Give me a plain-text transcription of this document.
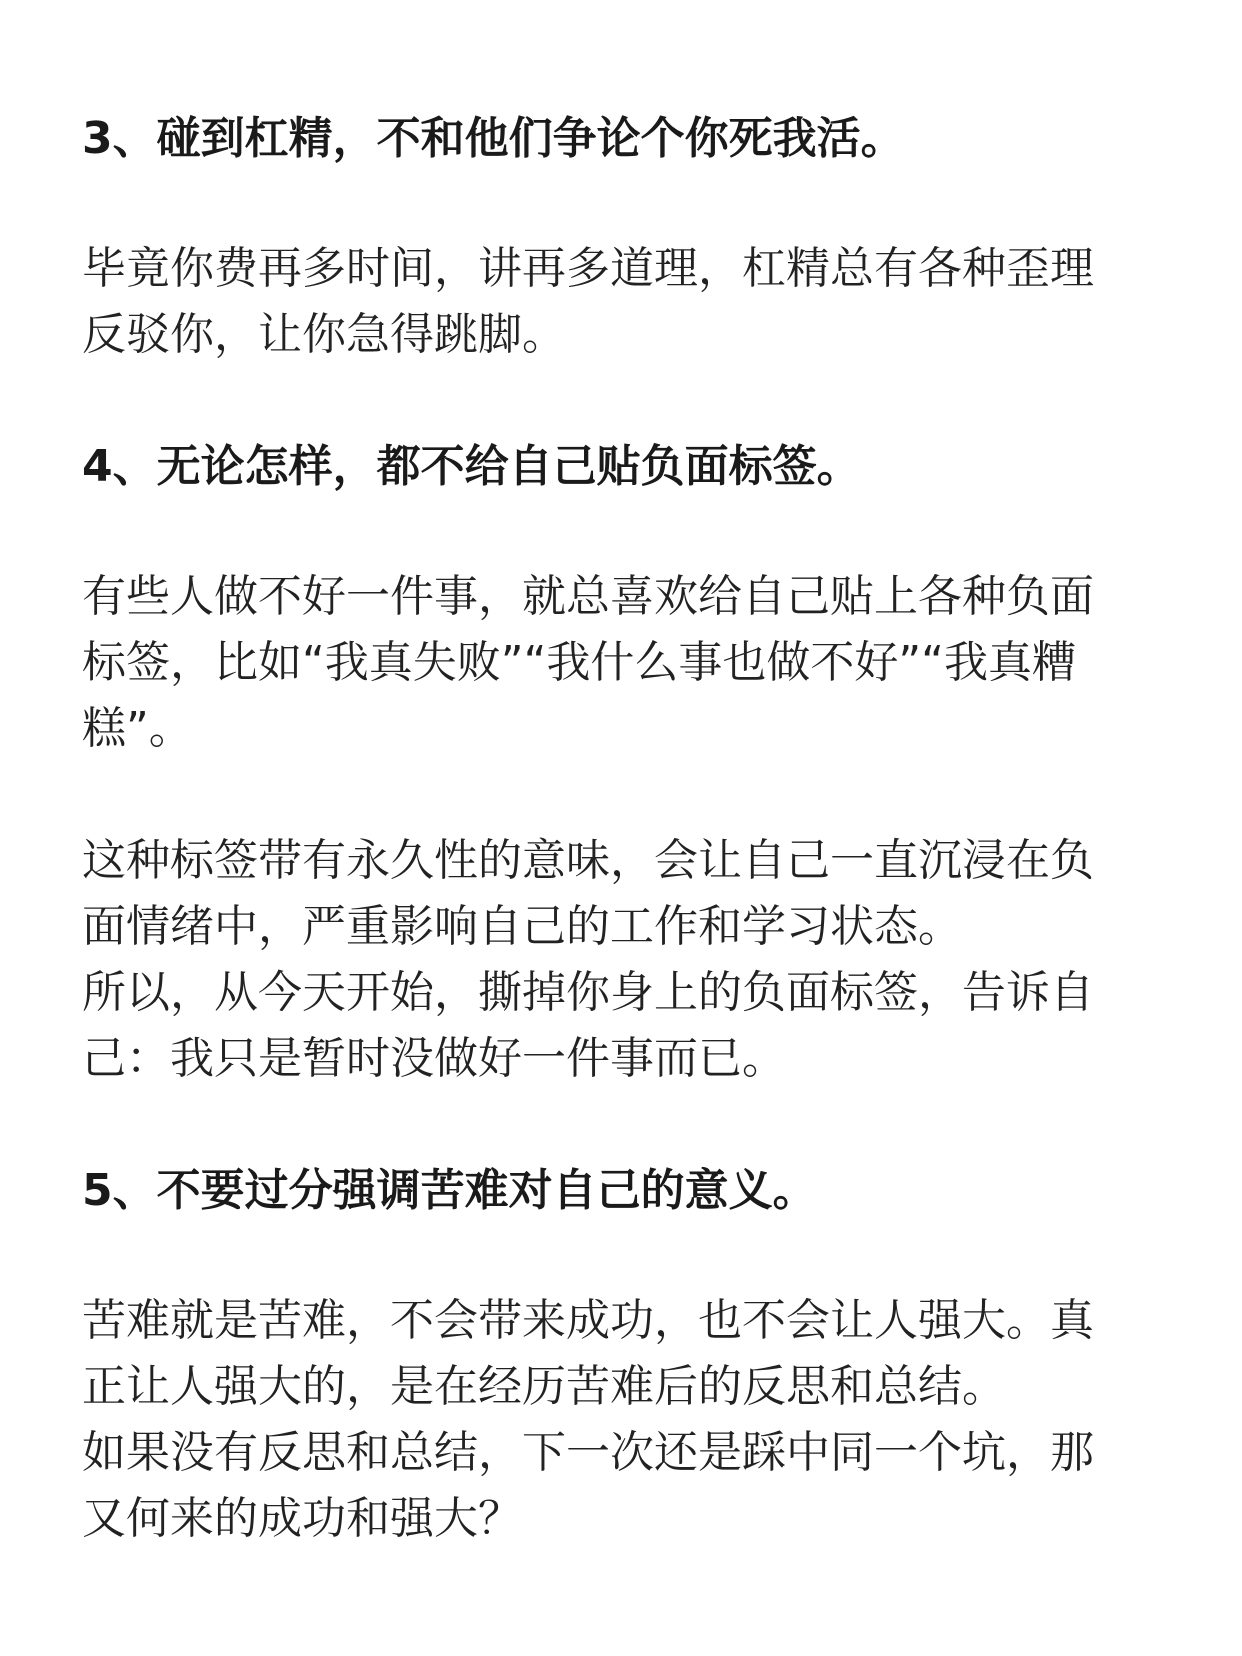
3、碰到杠精，不和他们争论个你死我活。

毕竟你费再多时间，讲再多道理，杠精总有各种歪理

反驳你，让你急得跳脚。

4、无论怎样，都不给自己贴负面标签。

有些人做不好一件事，就总喜欢给自己贴上各种负面

标签，比如“我真失败”“我什么事也做不好”“我真糟

糕”。

这种标签带有永久性的意味，会让自己一直沉浸在负

面情绪中，严重影响自己的工作和学习状态。

所以，从今天开始，撕掉你身上的负面标签，告诉自

己：我只是暂时没做好一件事而已。

5、不要过分强调苦难对自己的意义。

苦难就是苦难，不会带来成功，也不会让人强大。真

正让人强大的，是在经历苦难后的反思和总结。

如果没有反思和总结，下一次还是踩中同一个坑，那

又何来的成功和强大？
